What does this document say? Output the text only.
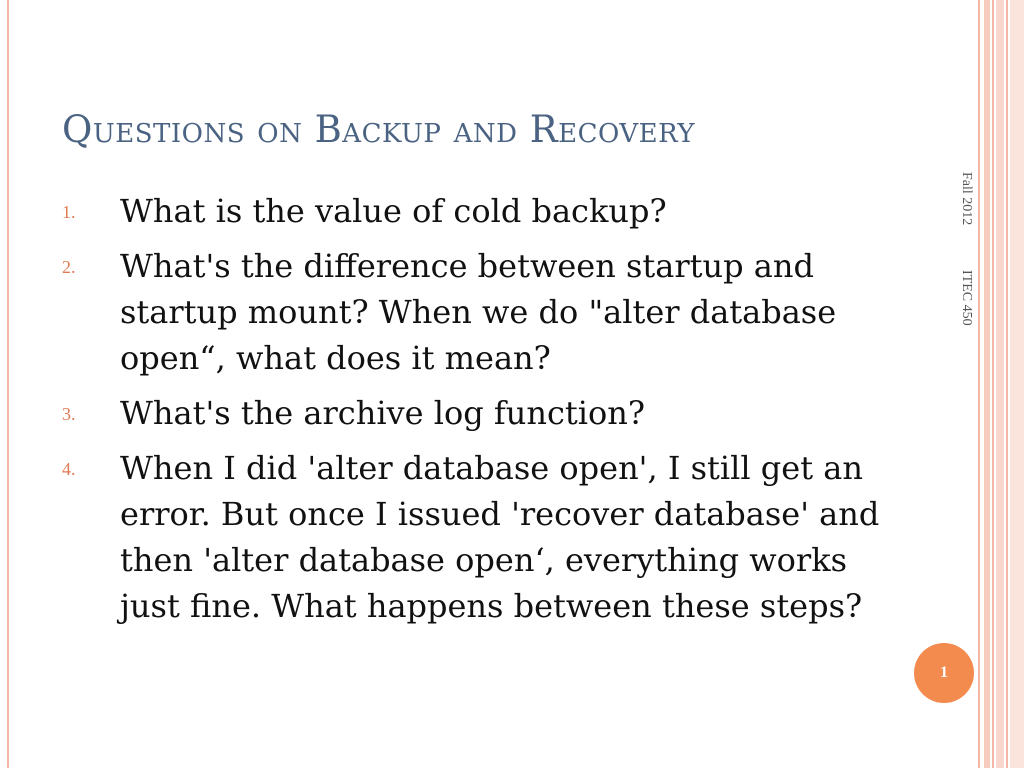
Questions on Backup and Recovery
1.	What is the value of cold backup?
2.	What's the difference between startup and startup mount? When we do "alter database open“, what does it mean?
3.	What's the archive log function?
4.	When I did 'alter database open', I still get an error. But once I issued 'recover database' and then 'alter database open‘, everything works just fine. What happens between these steps?
Fall 2012
ITEC 450
1
